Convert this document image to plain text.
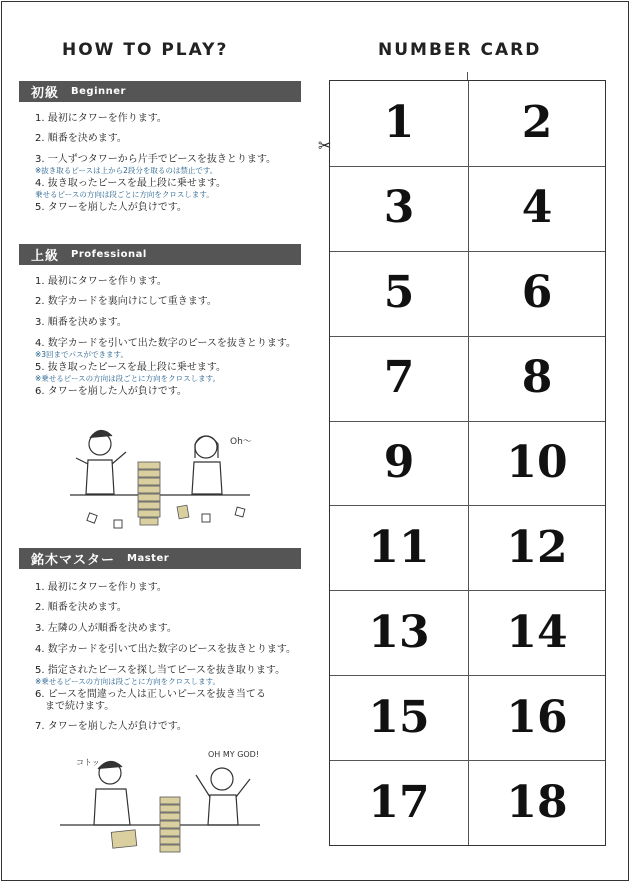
HOW TO PLAY?	NUMBER CARD
初級 Beginner
1. 最初にタワーを作ります。
2. 順番を決めます。
3. 一人ずつタワーから片手でピースを抜きとります。
※抜き取るピースは上から2段分を取るのは禁止です。
4. 抜き取ったピースを最上段に乗せます。
乗せるピースの方向は段ごとに方向をクロスします。
5. タワーを崩した人が負けです。
上級 Professional
1. 最初にタワーを作ります。
2. 数字カードを裏向けにして重きます。
3. 順番を決めます。
4. 数字カードを引いて出た数字のピースを抜きとります。
※3回までパスができます。
5. 抜き取ったピースを最上段に乗せます。
※乗せるピースの方向は段ごとに方向をクロスします。
6. タワーを崩した人が負けです。
Oh〜
銘木マスター Master
1. 最初にタワーを作ります。
2. 順番を決めます。
3. 左隣の人が順番を決めます。
4. 数字カードを引いて出た数字のピースを抜きとります。
5. 指定されたピースを探し当てピースを抜き取ります。
※乗せるピースの方向は段ごとに方向をクロスします。
6. ピースを間違った人は正しいピースを抜き当てる
　まで続けます。
7. タワーを崩した人が負けです。
コトッ
OH MY GOD!
✂	1	2
3	4
5	6
7	8
9	10
11	12
13	14
15	16
17	18
